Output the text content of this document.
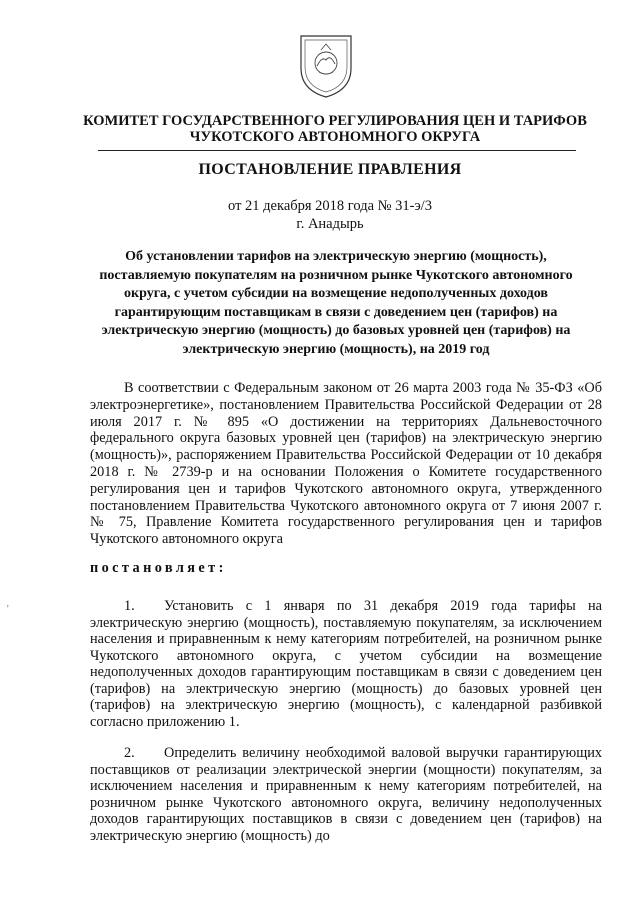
КОМИТЕТ ГОСУДАРСТВЕННОГО РЕГУЛИРОВАНИЯ ЦЕН И ТАРИФОВ
ЧУКОТСКОГО АВТОНОМНОГО ОКРУГА
ПОСТАНОВЛЕНИЕ ПРАВЛЕНИЯ
от 21 декабря 2018 года № 31-э/3
г. Анадырь
Об установлении тарифов на электрическую энергию (мощность), поставляемую покупателям на розничном рынке Чукотского автономного округа, с учетом субсидии на возмещение недополученных доходов гарантирующим поставщикам в связи с доведением цен (тарифов) на электрическую энергию (мощность) до базовых уровней цен (тарифов) на электрическую энергию (мощность), на 2019 год
В соответствии с Федеральным законом от 26 марта 2003 года № 35-ФЗ «Об электроэнергетике», постановлением Правительства Российской Федерации от 28 июля 2017 г. № 895 «О достижении на территориях Дальневосточного федерального округа базовых уровней цен (тарифов) на электрическую энергию (мощность)», распоряжением Правительства Российской Федерации от 10 декабря 2018 г. № 2739-р и на основании Положения о Комитете государственного регулирования цен и тарифов Чукотского автономного округа, утвержденного постановлением Правительства Чукотского автономного округа от 7 июня 2007 г. № 75, Правление Комитета государственного регулирования цен и тарифов Чукотского автономного округа
постановляет:
1. Установить с 1 января по 31 декабря 2019 года тарифы на электрическую энергию (мощность), поставляемую покупателям, за исключением населения и приравненным к нему категориям потребителей, на розничном рынке Чукотского автономного округа, с учетом субсидии на возмещение недополученных доходов гарантирующим поставщикам в связи с доведением цен (тарифов) на электрическую энергию (мощность) до базовых уровней цен (тарифов) на электрическую энергию (мощность), с календарной разбивкой согласно приложению 1.
2. Определить величину необходимой валовой выручки гарантирующих поставщиков от реализации электрической энергии (мощности) покупателям, за исключением населения и приравненным к нему категориям потребителей, на розничном рынке Чукотского автономного округа, величину недополученных доходов гарантирующих поставщиков в связи с доведением цен (тарифов) на электрическую энергию (мощность) до
‚
